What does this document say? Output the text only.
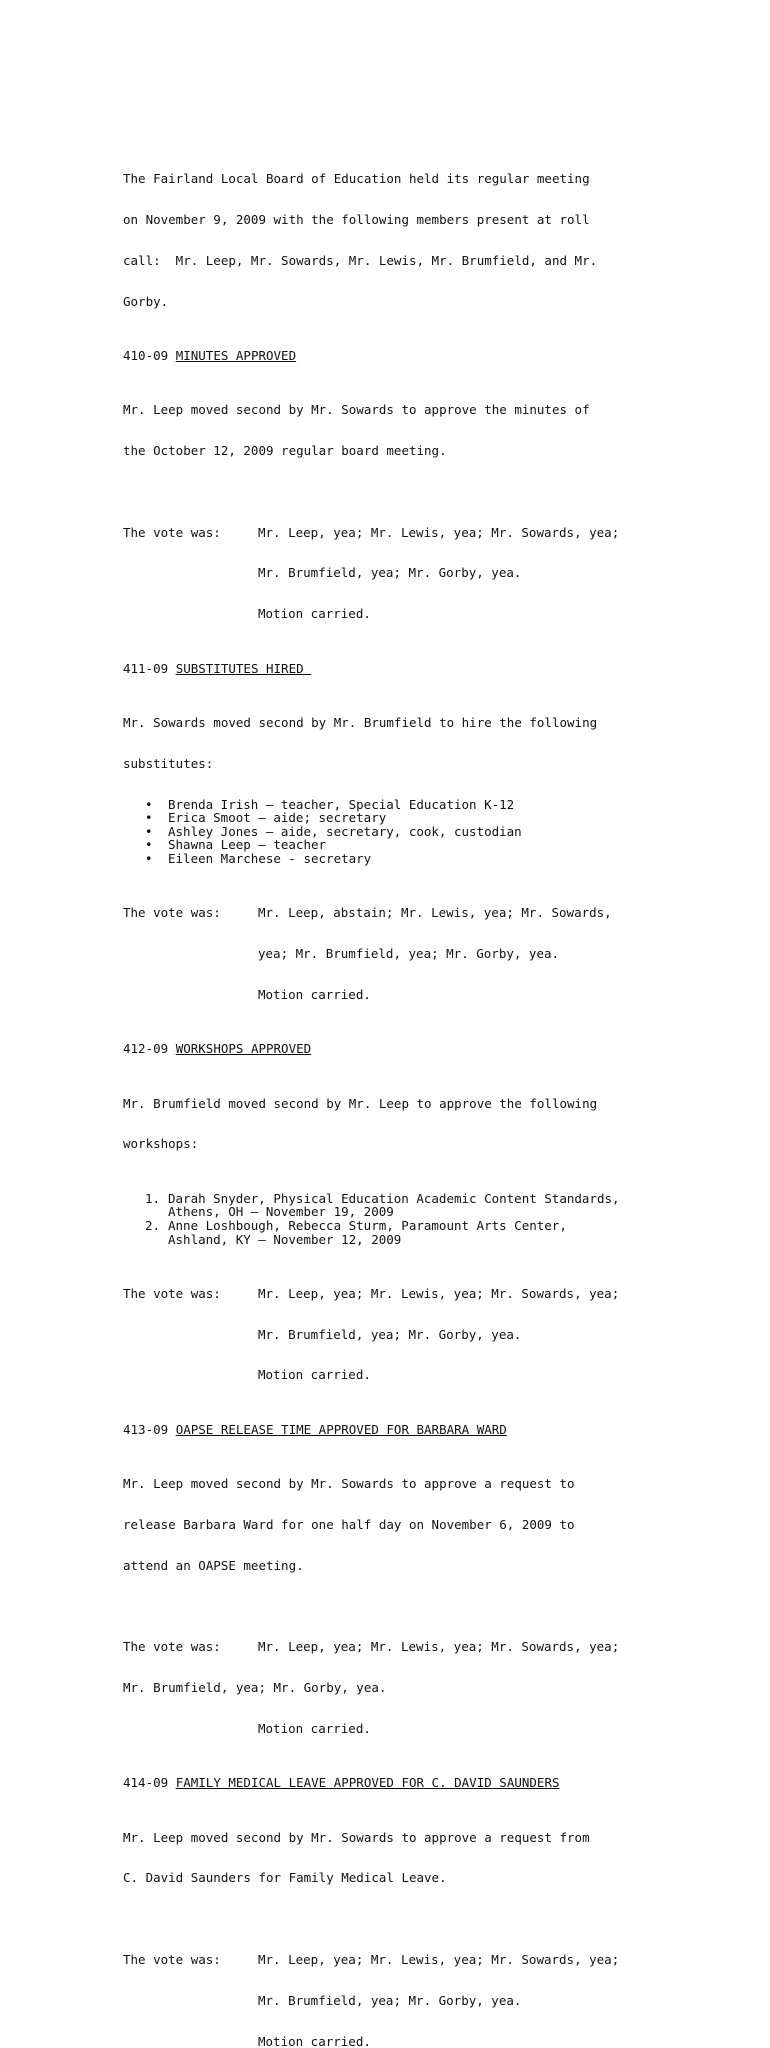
The Fairland Local Board of Education held its regular meeting

on November 9, 2009 with the following members present at roll

call:  Mr. Leep, Mr. Sowards, Mr. Lewis, Mr. Brumfield, and Mr.

Gorby.

410-09 MINUTES APPROVED

Mr. Leep moved second by Mr. Sowards to approve the minutes of

the October 12, 2009 regular board meeting.

The vote was:	Mr. Leep, yea; Mr. Lewis, yea; Mr. Sowards, yea;

Mr. Brumfield, yea; Mr. Gorby, yea.

Motion carried.

411-09 SUBSTITUTES HIRED

Mr. Sowards moved second by Mr. Brumfield to hire the following

substitutes:

• Brenda Irish – teacher, Special Education K-12
• Erica Smoot – aide; secretary
• Ashley Jones – aide, secretary, cook, custodian
• Shawna Leep – teacher
• Eileen Marchese - secretary

The vote was:	Mr. Leep, abstain; Mr. Lewis, yea; Mr. Sowards,

yea; Mr. Brumfield, yea; Mr. Gorby, yea.

Motion carried.

412-09 WORKSHOPS APPROVED

Mr. Brumfield moved second by Mr. Leep to approve the following

workshops:

1. Darah Snyder, Physical Education Academic Content Standards,
Athens, OH – November 19, 2009
2. Anne Loshbough, Rebecca Sturm, Paramount Arts Center,
Ashland, KY – November 12, 2009

The vote was:	Mr. Leep, yea; Mr. Lewis, yea; Mr. Sowards, yea;

Mr. Brumfield, yea; Mr. Gorby, yea.

Motion carried.

413-09 OAPSE RELEASE TIME APPROVED FOR BARBARA WARD

Mr. Leep moved second by Mr. Sowards to approve a request to

release Barbara Ward for one half day on November 6, 2009 to

attend an OAPSE meeting.

The vote was:	Mr. Leep, yea; Mr. Lewis, yea; Mr. Sowards, yea;

Mr. Brumfield, yea; Mr. Gorby, yea.

Motion carried.

414-09 FAMILY MEDICAL LEAVE APPROVED FOR C. DAVID SAUNDERS

Mr. Leep moved second by Mr. Sowards to approve a request from

C. David Saunders for Family Medical Leave.

The vote was:	Mr. Leep, yea; Mr. Lewis, yea; Mr. Sowards, yea;

Mr. Brumfield, yea; Mr. Gorby, yea.

Motion carried.
